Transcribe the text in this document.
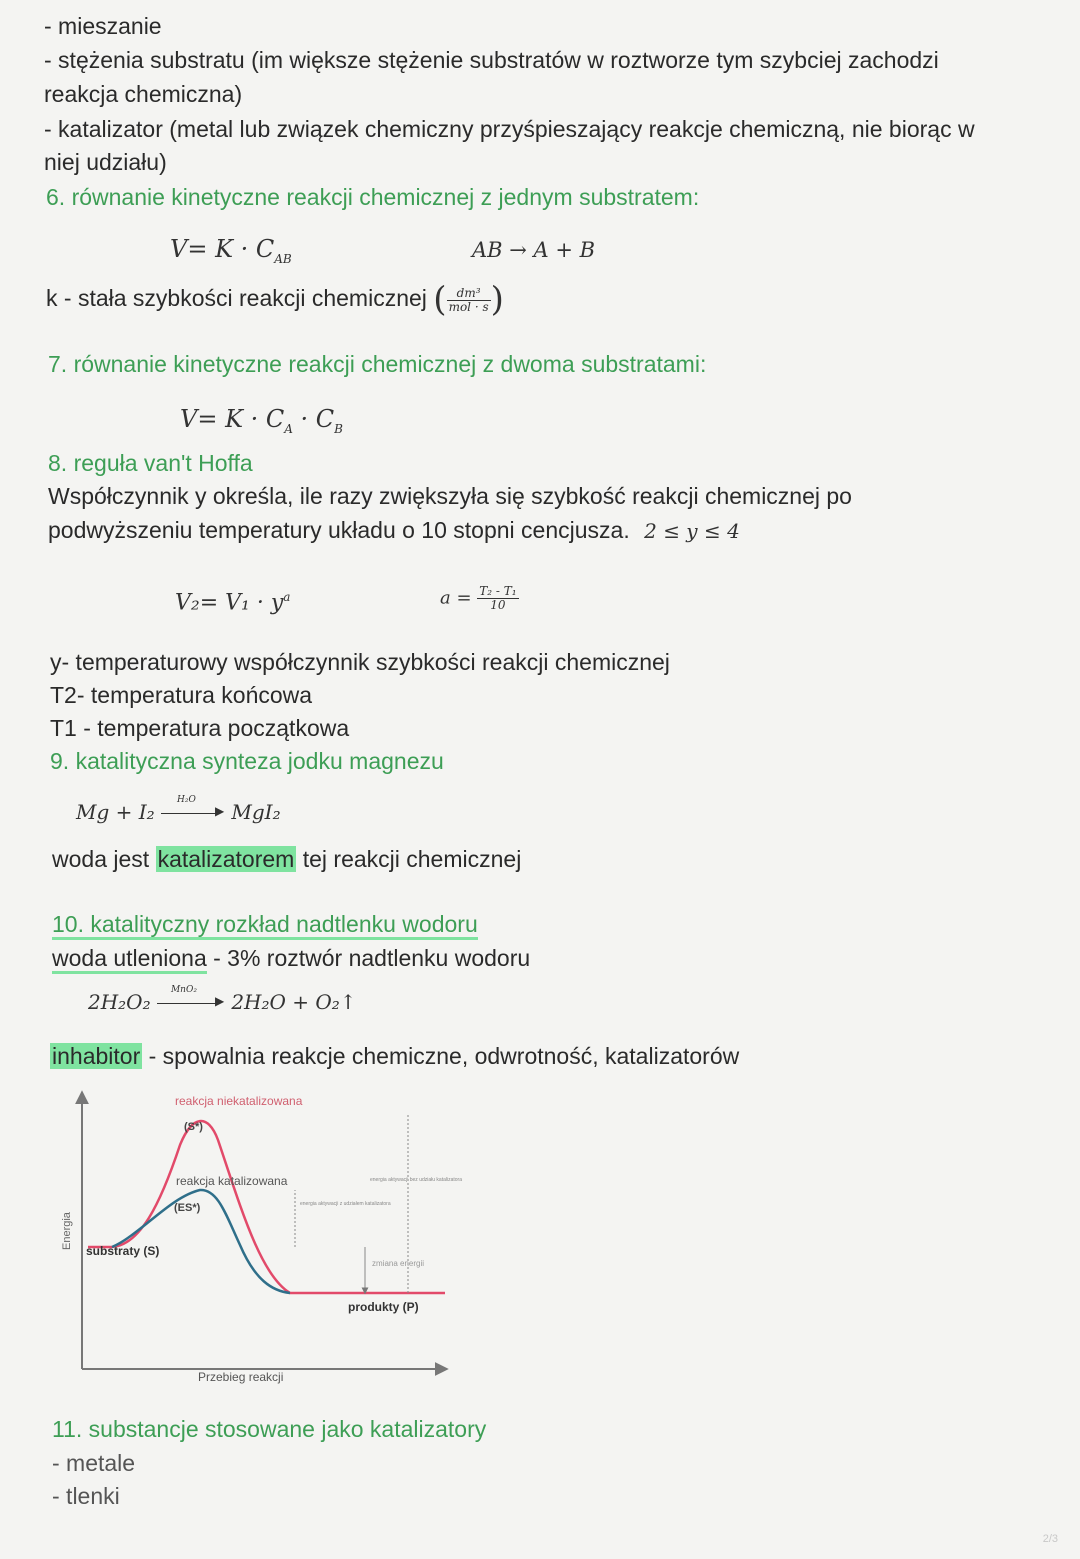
- mieszanie
- stężenia substratu (im większe stężenie substratów w roztworze tym szybciej zachodzi
reakcja chemiczna)
- katalizator (metal lub związek chemiczny przyśpieszający reakcje chemiczną, nie biorąc w
niej udziału)
6. równanie kinetyczne reakcji chemicznej z jednym substratem:
$V= K \cdot C_{AB}$	AB → A + B
k - stała szybkości reakcji chemicznej ( $\frac{\text{dm³}}{\text{mol · s}}$ )
7. równanie kinetyczne reakcji chemicznej z dwoma substratami:
$V= K \cdot C_A \cdot C_B$
8. reguła van't Hoffa
Współczynnik y określa, ile razy zwiększyła się szybkość reakcji chemicznej po
podwyższeniu temperatury układu o 10 stopni cencjusza. 2 ≤ y ≤ 4
$V_2= V_1 \cdot y^a$	$a = \frac{\text{T₂ - T₁}}{10}$
y- temperaturowy współczynnik szybkości reakcji chemicznej
T2- temperatura końcowa
T1 - temperatura początkowa
9. katalityczna synteza jodku magnezu
Mg + I₂
H₂O
▶ MgI₂
woda jest katalizatorem tej reakcji chemicznej
10. katalityczny rozkład nadtlenku wodoru
woda utleniona - 3% roztwór nadtlenku wodoru
2H₂O₂
MnO₂
▶ 2H₂O + O₂↑
inhabitor - spowalnia reakcje chemiczne, odwrotność, katalizatorów
reakcja niekatalizowana
(S*)
reakcja katalizowana
(ES*)
substraty (S)
produkty (P)
Przebieg reakcji
Energia
energia aktywacji z udziałem katalizatora
energia aktywacji bez udziału katalizatora
zmiana energii
11. substancje stosowane jako katalizatory
- metale
- tlenki
2/3
